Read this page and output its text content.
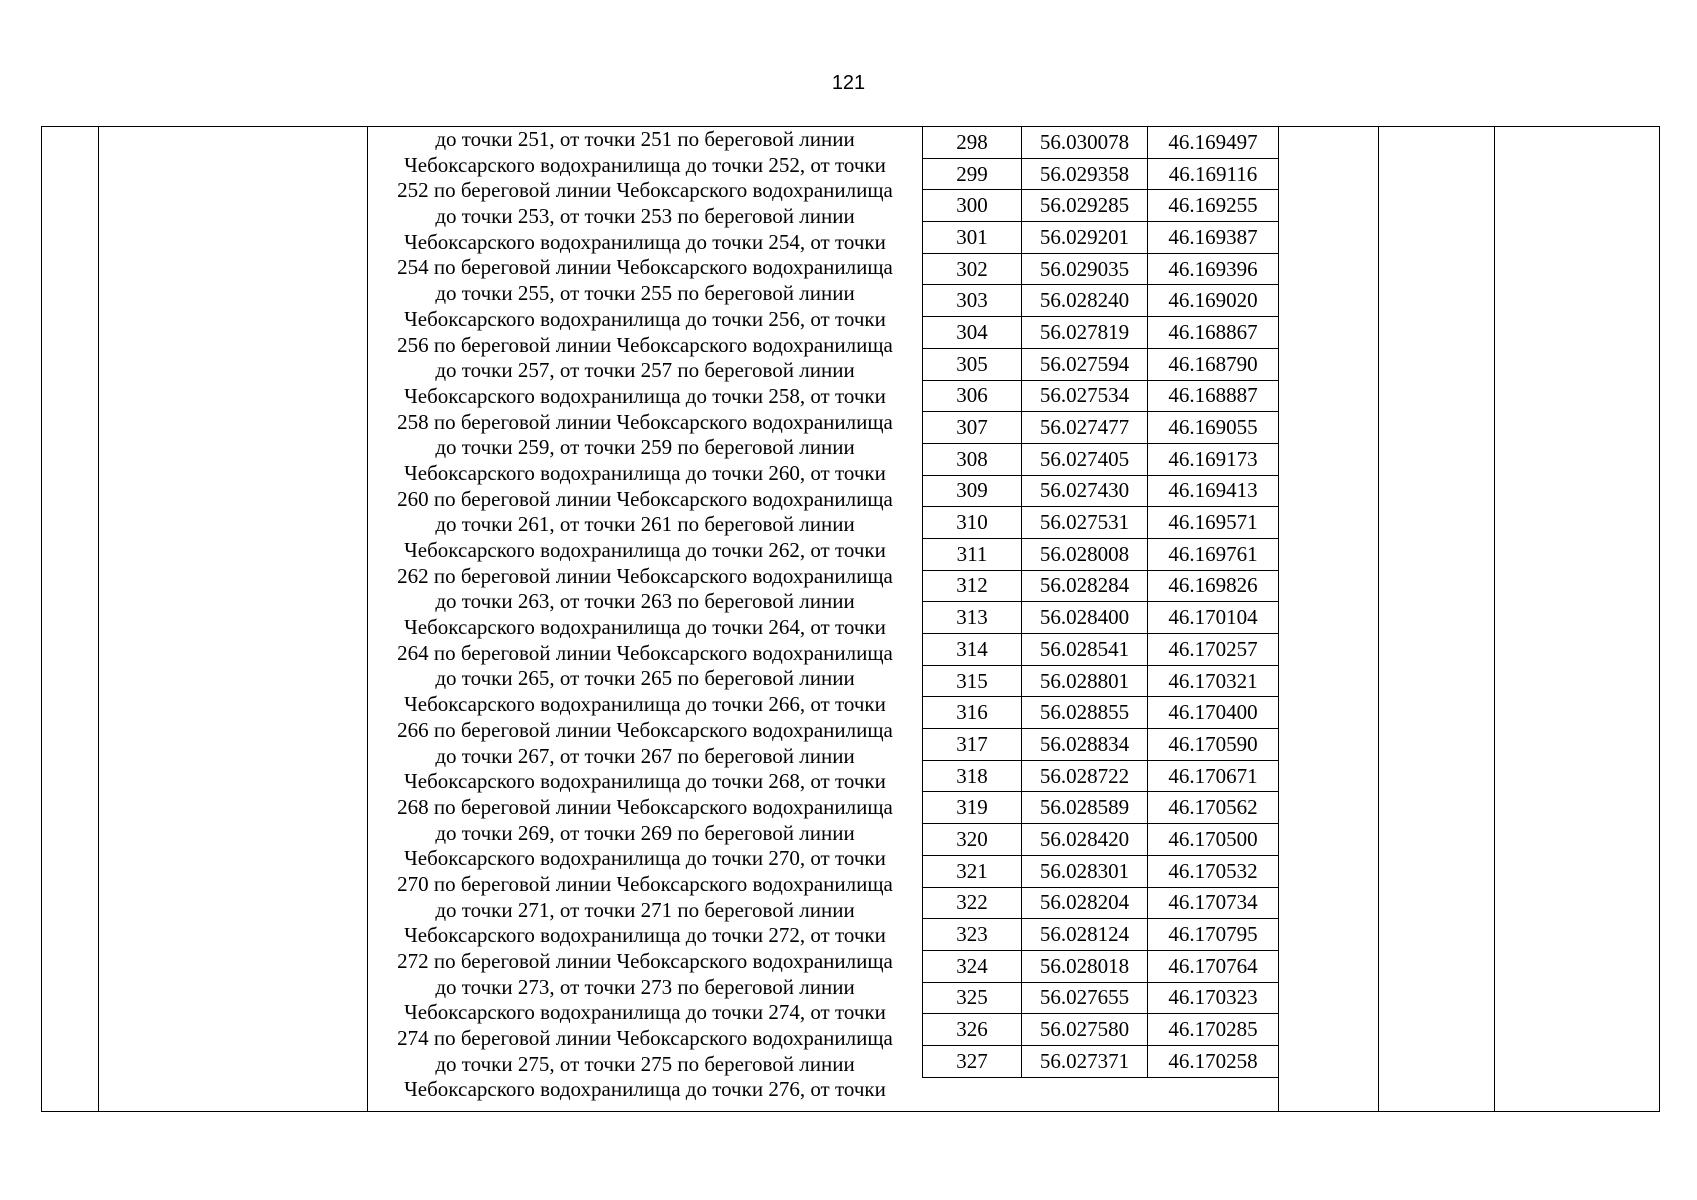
121
до точки 251, от точки 251 по береговой линии
Чебоксарского водохранилища до точки 252, от точки
252 по береговой линии Чебоксарского водохранилища
до точки 253, от точки 253 по береговой линии
Чебоксарского водохранилища до точки 254, от точки
254 по береговой линии Чебоксарского водохранилища
до точки 255, от точки 255 по береговой линии
Чебоксарского водохранилища до точки 256, от точки
256 по береговой линии Чебоксарского водохранилища
до точки 257, от точки 257 по береговой линии
Чебоксарского водохранилища до точки 258, от точки
258 по береговой линии Чебоксарского водохранилища
до точки 259, от точки 259 по береговой линии
Чебоксарского водохранилища до точки 260, от точки
260 по береговой линии Чебоксарского водохранилища
до точки 261, от точки 261 по береговой линии
Чебоксарского водохранилища до точки 262, от точки
262 по береговой линии Чебоксарского водохранилища
до точки 263, от точки 263 по береговой линии
Чебоксарского водохранилища до точки 264, от точки
264 по береговой линии Чебоксарского водохранилища
до точки 265, от точки 265 по береговой линии
Чебоксарского водохранилища до точки 266, от точки
266 по береговой линии Чебоксарского водохранилища
до точки 267, от точки 267 по береговой линии
Чебоксарского водохранилища до точки 268, от точки
268 по береговой линии Чебоксарского водохранилища
до точки 269, от точки 269 по береговой линии
Чебоксарского водохранилища до точки 270, от точки
270 по береговой линии Чебоксарского водохранилища
до точки 271, от точки 271 по береговой линии
Чебоксарского водохранилища до точки 272, от точки
272 по береговой линии Чебоксарского водохранилища
до точки 273, от точки 273 по береговой линии
Чебоксарского водохранилища до точки 274, от точки
274 по береговой линии Чебоксарского водохранилища
до точки 275, от точки 275 по береговой линии
Чебоксарского водохранилища до точки 276, от точки
298	56.030078	46.169497
299	56.029358	46.169116
300	56.029285	46.169255
301	56.029201	46.169387
302	56.029035	46.169396
303	56.028240	46.169020
304	56.027819	46.168867
305	56.027594	46.168790
306	56.027534	46.168887
307	56.027477	46.169055
308	56.027405	46.169173
309	56.027430	46.169413
310	56.027531	46.169571
311	56.028008	46.169761
312	56.028284	46.169826
313	56.028400	46.170104
314	56.028541	46.170257
315	56.028801	46.170321
316	56.028855	46.170400
317	56.028834	46.170590
318	56.028722	46.170671
319	56.028589	46.170562
320	56.028420	46.170500
321	56.028301	46.170532
322	56.028204	46.170734
323	56.028124	46.170795
324	56.028018	46.170764
325	56.027655	46.170323
326	56.027580	46.170285
327	56.027371	46.170258
